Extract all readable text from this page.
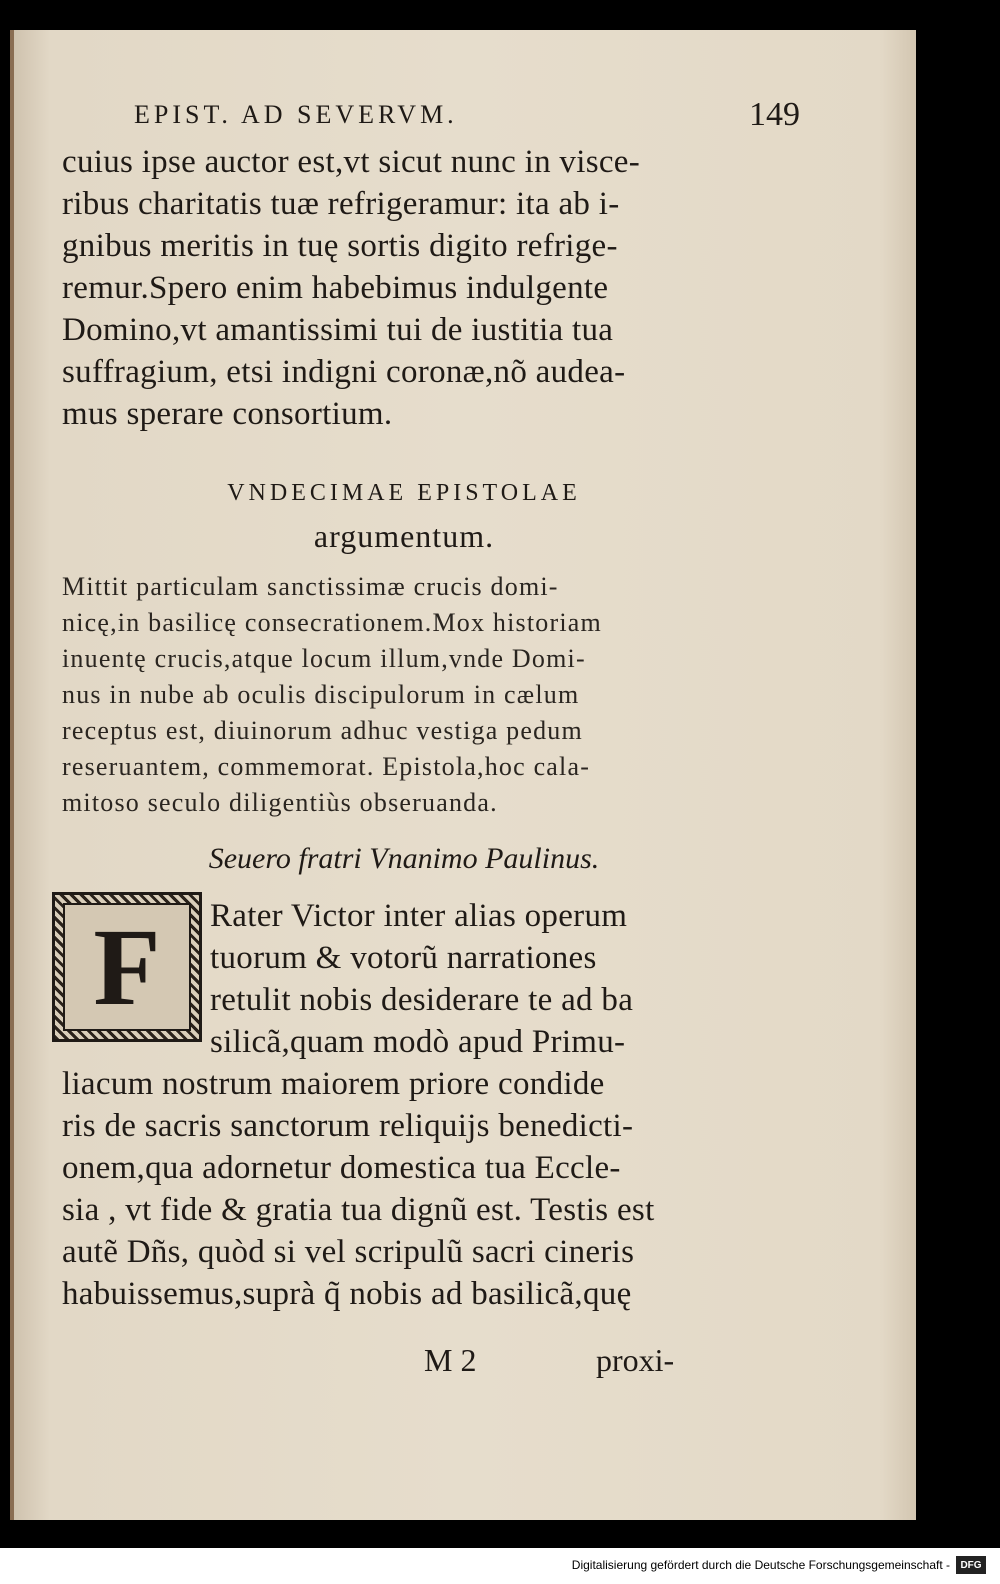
EPIST. AD SEVERVM.	149
cuius ipse auctor est,vt sicut nunc in visce-
ribus charitatis tuæ refrigeramur: ita ab i-
gnibus meritis in tuę sortis digito refrige-
remur.Spero enim habebimus indulgente
Domino,vt amantissimi tui de iustitia tua
suffragium, etsi indigni coronæ,nõ audea-
mus sperare consortium.
VNDECIMAE EPISTOLAE
argumentum.
Mittit particulam sanctissimæ crucis domi-
nicę,in basilicę consecrationem.Mox historiam
inuentę crucis,atque locum illum,vnde Domi-
nus in nube ab oculis discipulorum in cælum
receptus est, diuinorum adhuc vestiga pedum
reseruantem, commemorat. Epistola,hoc cala-
mitoso seculo diligentiùs obseruanda.
Seuero fratri Vnanimo Paulinus.
F	Rater Victor inter alias operum
tuorum & votorũ narrationes
retulit nobis desiderare te ad ba
silicã,quam modò apud Primu-
liacum nostrum maiorem priore condide
ris de sacris sanctorum reliquijs benedicti-
onem,qua adornetur domestica tua Eccle-
sia , vt fide & gratia tua dignũ est. Testis est
autẽ Dñs, quòd si vel scripulũ sacri cineris
habuissemus,suprà q̃ nobis ad basilicã,quę
M 2	proxi-
Digitalisierung gefördert durch die Deutsche Forschungsgemeinschaft -	DFG
